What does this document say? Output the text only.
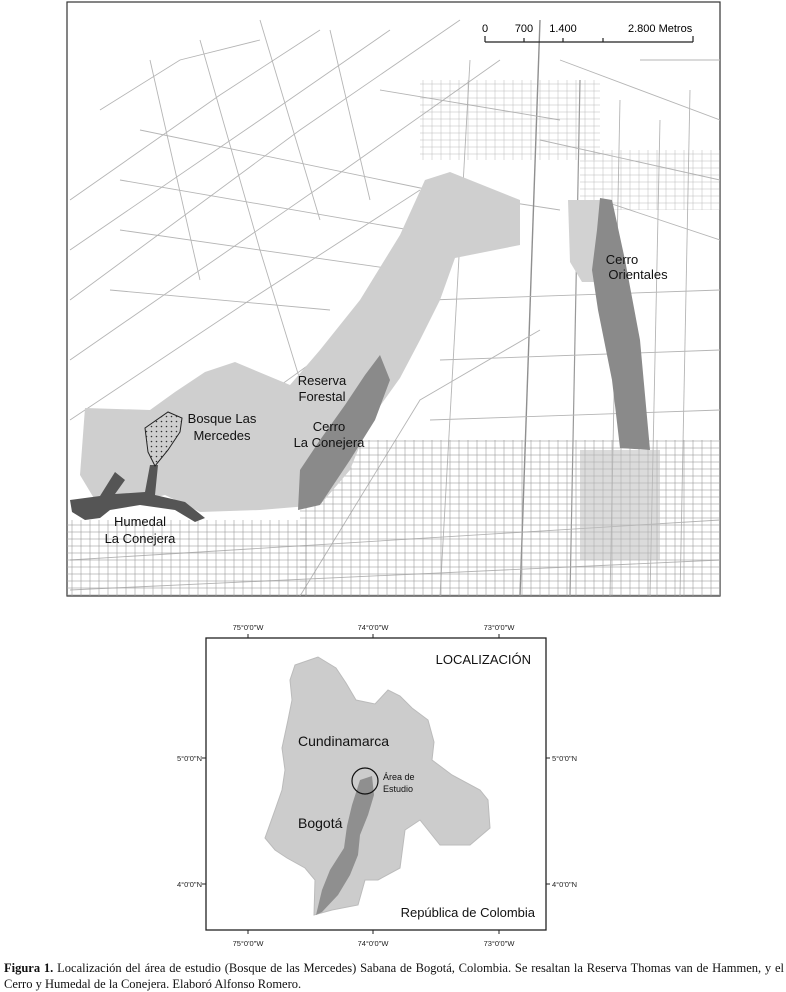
0 700 1.400	2.800 Metros
Cerro
Orientales
Reserva
Forestal
Cerro
La Conejera
Bosque Las
Mercedes
Humedal
La Conejera
75°0'0"W	74°0'0"W	73°0'0"W
75°0'0"W	74°0'0"W	73°0'0"W
5°0'0"N
4°0'0"N
5°0'0"N
4°0'0"N
LOCALIZACIÓN
Cundinamarca
Bogotá
Área de
Estudio
República de Colombia
Figura 1. Localización del área de estudio (Bosque de las Mercedes) Sabana de Bogotá, Colombia. Se resaltan la Reserva Thomas van de Hammen, y el Cerro y Humedal de la Conejera. Elaboró Alfonso Romero.
